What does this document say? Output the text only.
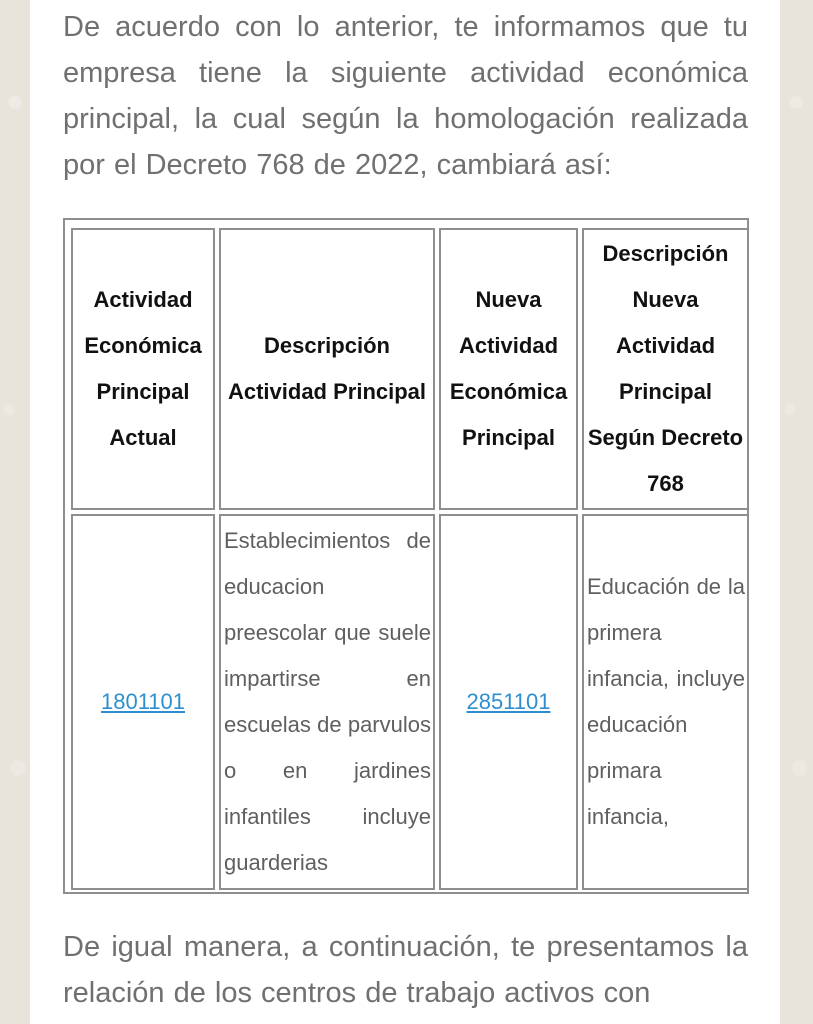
De acuerdo con lo anterior, te informamos que tu empresa tiene la siguiente actividad económica principal, la cual según la homologación realizada por el Decreto 768 de 2022, cambiará así:

Actividad Económica Principal Actual	Descripción Actividad Principal	Nueva Actividad Económica Principal	Descripción Nueva Actividad Principal Según Decreto 768
1801101	Establecimientos de educacion preescolar que suele impartirse en escuelas de parvulos o en jardines infantiles incluye guarderias	2851101	Educación de la primera infancia, incluye educación primara infancia,

De igual manera, a continuación, te presentamos la relación de los centros de trabajo activos con
